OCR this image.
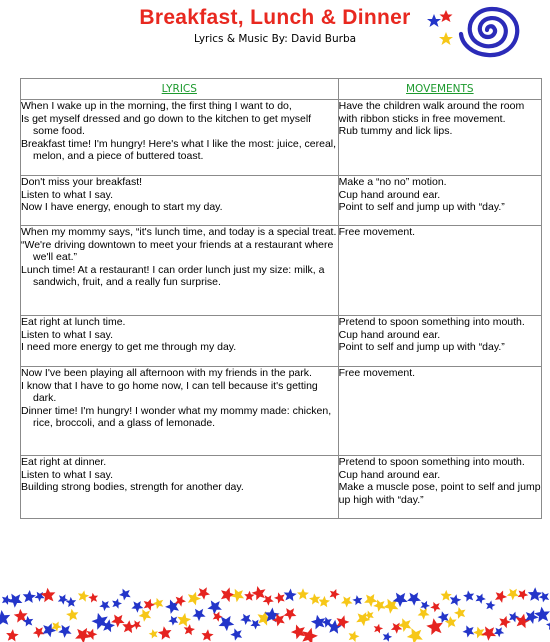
Breakfast, Lunch & Dinner
Lyrics & Music By: David Burba
LYRICS	MOVEMENTS

When I wake up in the morning, the first thing I want to do,
Is get myself dressed and go down to the kitchen to get myself some food.
Breakfast time! I'm hungry! Here's what I like the most: juice, cereal, melon, and a piece of buttered toast.	Have the children walk around the room with ribbon sticks in free movement.
Rub tummy and lick lips.

Don't miss your breakfast!
Listen to what I say.
Now I have energy, enough to start my day.	Make a “no no” motion.
Cup hand around ear.
Point to self and jump up with “day.”

When my mommy says, “it's lunch time, and today is a special treat.
“We're driving downtown to meet your friends at a restaurant where we'll eat.”
Lunch time! At a restaurant! I can order lunch just my size: milk, a sandwich, fruit, and a really fun surprise.	Free movement.

Eat right at lunch time.
Listen to what I say.
I need more energy to get me through my day.	Pretend to spoon something into mouth. Cup hand around ear.
Point to self and jump up with “day.”

Now I've been playing all afternoon with my friends in the park.
I know that I have to go home now, I can tell because it's getting dark.
Dinner time! I'm hungry! I wonder what my mommy made: chicken, rice, broccoli, and a glass of lemonade.	Free movement.

Eat right at dinner.
Listen to what I say.
Building strong bodies, strength for another day.	Pretend to spoon something into mouth. Cup hand around ear.
Make a muscle pose, point to self and jump up high with “day.”
